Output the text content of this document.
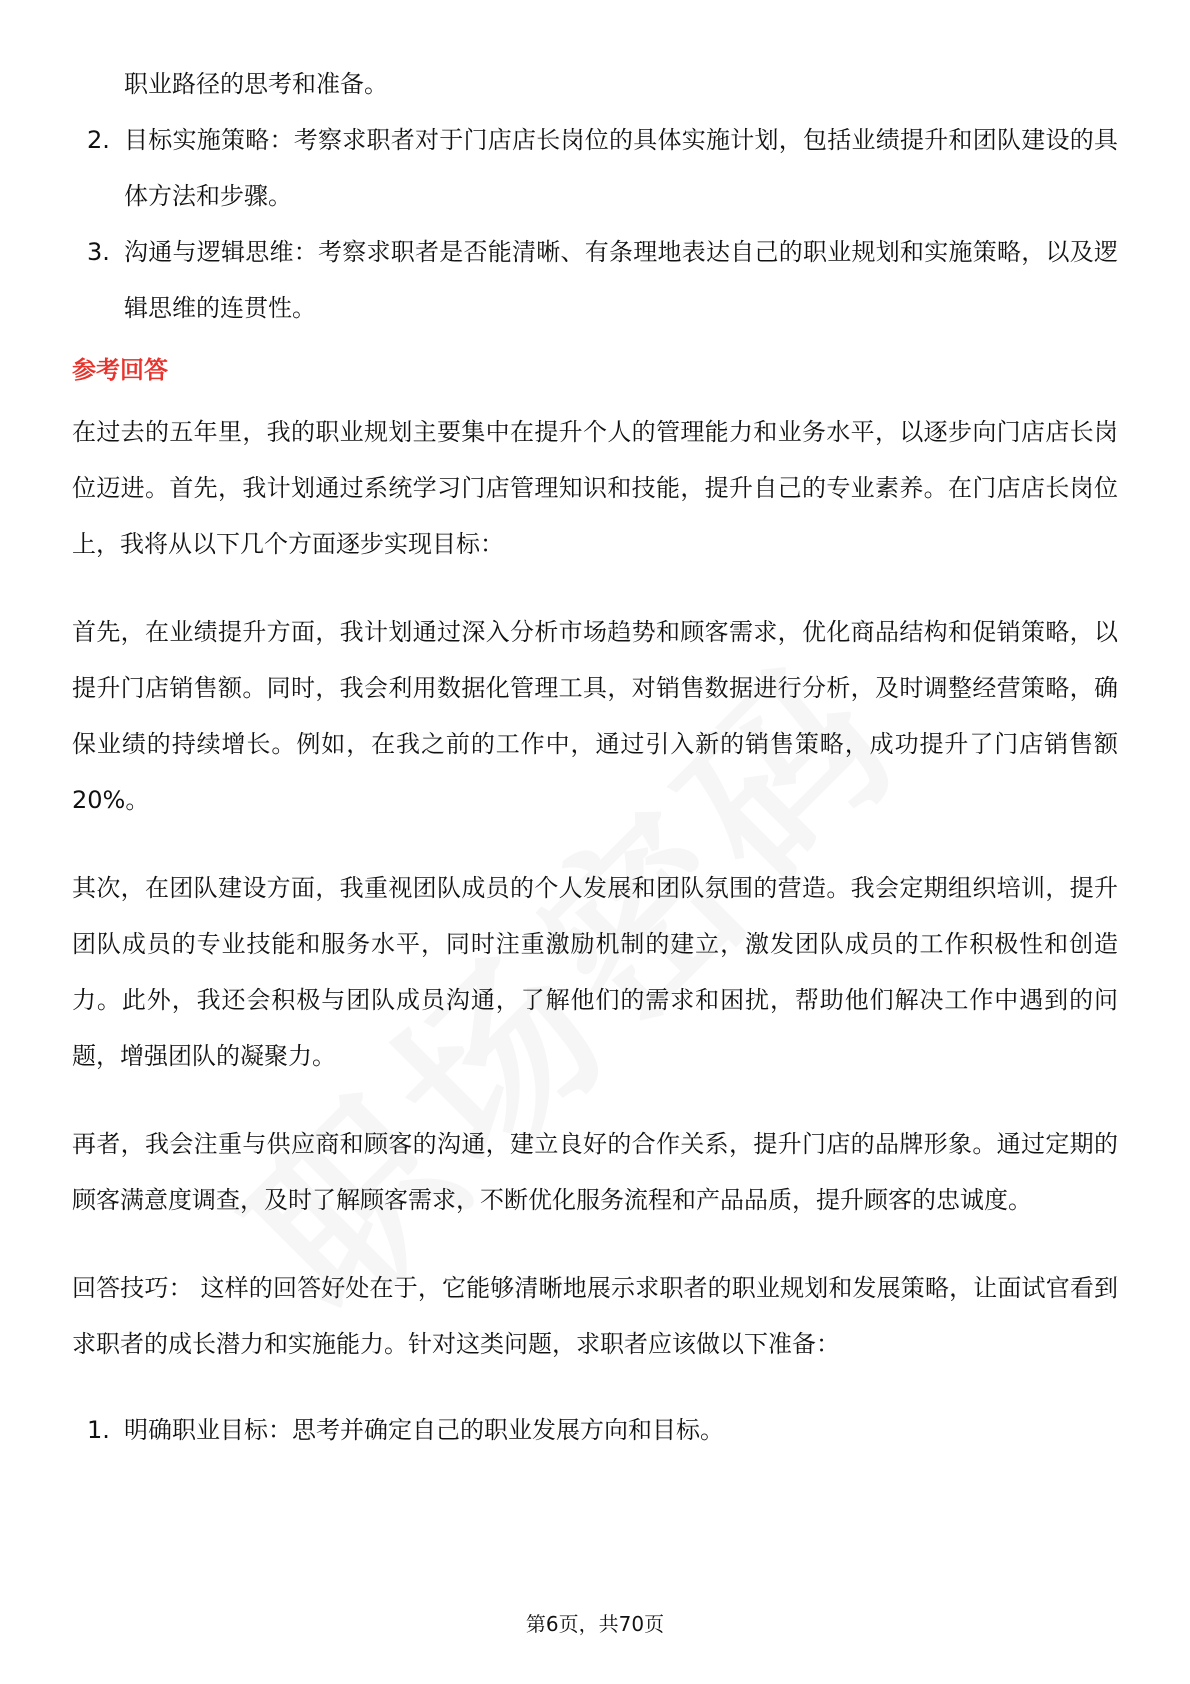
职业路径的思考和准备。

2. 目标实施策略：考察求职者对于门店店长岗位的具体实施计划，包括业绩提升和团队建设的具体方法和步骤。
3. 沟通与逻辑思维：考察求职者是否能清晰、有条理地表达自己的职业规划和实施策略，以及逻辑思维的连贯性。

参考回答

在过去的五年里，我的职业规划主要集中在提升个人的管理能力和业务水平，以逐步向门店店长岗位迈进。首先，我计划通过系统学习门店管理知识和技能，提升自己的专业素养。在门店店长岗位上，我将从以下几个方面逐步实现目标：

首先，在业绩提升方面，我计划通过深入分析市场趋势和顾客需求，优化商品结构和促销策略，以提升门店销售额。同时，我会利用数据化管理工具，对销售数据进行分析，及时调整经营策略，确保业绩的持续增长。例如，在我之前的工作中，通过引入新的销售策略，成功提升了门店销售额20%。

其次，在团队建设方面，我重视团队成员的个人发展和团队氛围的营造。我会定期组织培训，提升团队成员的专业技能和服务水平，同时注重激励机制的建立，激发团队成员的工作积极性和创造力。此外，我还会积极与团队成员沟通，了解他们的需求和困扰，帮助他们解决工作中遇到的问题，增强团队的凝聚力。

再者，我会注重与供应商和顾客的沟通，建立良好的合作关系，提升门店的品牌形象。通过定期的顾客满意度调查，及时了解顾客需求，不断优化服务流程和产品品质，提升顾客的忠诚度。

回答技巧： 这样的回答好处在于，它能够清晰地展示求职者的职业规划和发展策略，让面试官看到求职者的成长潜力和实施能力。针对这类问题，求职者应该做以下准备：

1. 明确职业目标：思考并确定自己的职业发展方向和目标。
第6页，共70页
